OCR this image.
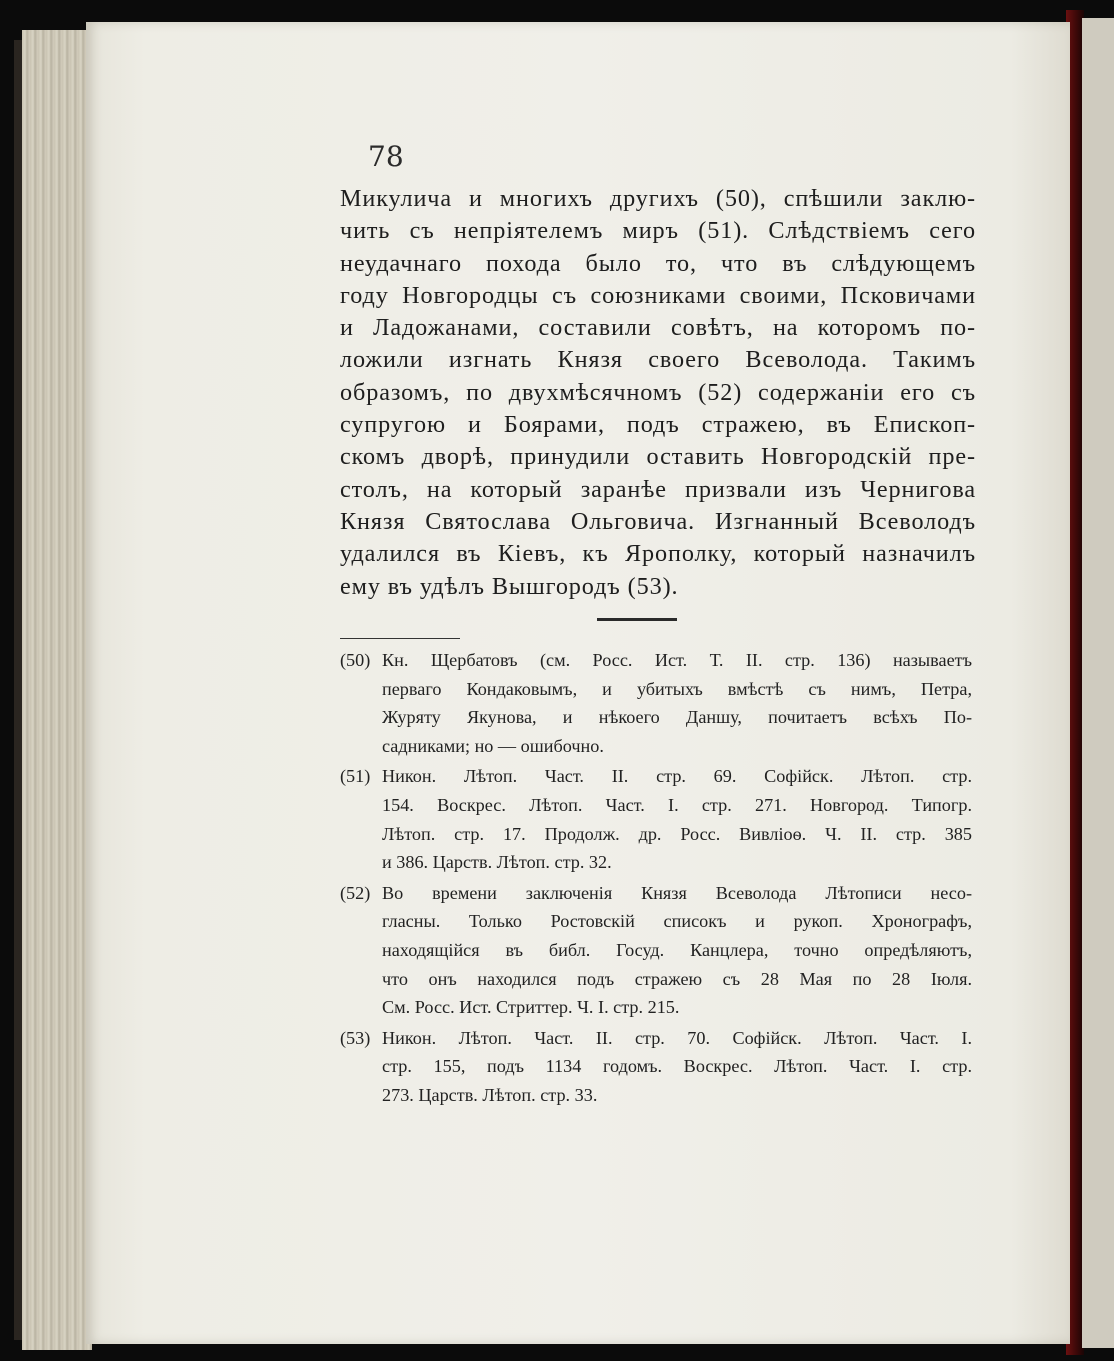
78
Микулича и многихъ другихъ (50), спѣшили заклю-
чить съ непріятелемъ миръ (51). Слѣдствіемъ сего
неудачнаго похода было то, что въ слѣдующемъ
году Новгородцы съ союзниками своими, Псковичами
и Ладожанами, составили совѣтъ, на которомъ по-
ложили изгнать Князя своего Всеволода. Такимъ
образомъ, по двухмѣсячномъ (52) содержаніи его съ
супругою и Боярами, подъ стражею, въ Епископ-
скомъ дворѣ, принудили оставить Новгородскій пре-
столъ, на который заранѣе призвали изъ Чернигова
Князя Святослава Ольговича. Изгнанный Всеволодъ
удалился въ Кіевъ, къ Ярополку, который назначилъ
ему въ удѣлъ Вышгородъ (53).
(50) Кн. Щербатовъ (см. Росс. Ист. Т. II. стр. 136) называетъ
перваго Кондаковымъ, и убитыхъ вмѣстѣ съ нимъ, Петра,
Журяту Якунова, и нѣкоего Даншу, почитаетъ всѣхъ По-
садниками; но — ошибочно.
(51) Никон. Лѣтоп. Част. II. стр. 69. Софійск. Лѣтоп. стр.
154. Воскрес. Лѣтоп. Част. I. стр. 271. Новгород. Типогр.
Лѣтоп. стр. 17. Продолж. др. Росс. Вивліоѳ. Ч. II. стр. 385
и 386. Царств. Лѣтоп. стр. 32.
(52) Во времени заключенія Князя Всеволода Лѣтописи несо-
гласны. Только Ростовскій списокъ и рукоп. Хронографъ,
находящійся въ библ. Госуд. Канцлера, точно опредѣляютъ,
что онъ находился подъ стражею съ 28 Мая по 28 Іюля.
См. Росс. Ист. Стриттер. Ч. I. стр. 215.
(53) Никон. Лѣтоп. Част. II. стр. 70. Софійск. Лѣтоп. Част. I.
стр. 155, подъ 1134 годомъ. Воскрес. Лѣтоп. Част. I. стр.
273. Царств. Лѣтоп. стр. 33.
